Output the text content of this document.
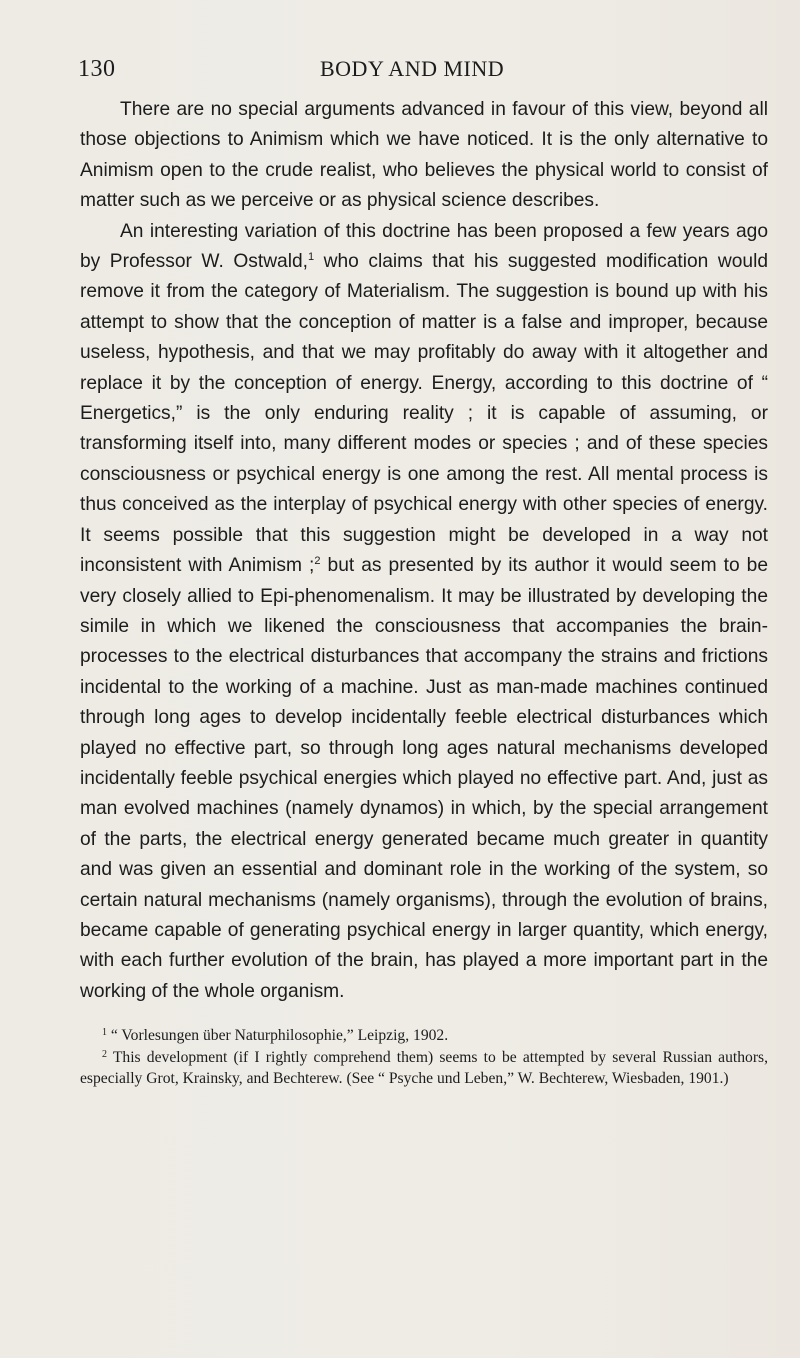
130	BODY AND MIND

There are no special arguments advanced in favour of this view, beyond all those objections to Animism which we have noticed. It is the only alternative to Animism open to the crude realist, who believes the physical world to consist of matter such as we perceive or as physical science describes.

An interesting variation of this doctrine has been proposed a few years ago by Professor W. Ostwald,$^1$ who claims that his suggested modification would remove it from the category of Materialism. The suggestion is bound up with his attempt to show that the conception of matter is a false and improper, because useless, hypothesis, and that we may profitably do away with it altogether and replace it by the conception of energy. Energy, according to this doctrine of “ Energetics,” is the only enduring reality ; it is capable of assuming, or transforming itself into, many different modes or species ; and of these species consciousness or psychical energy is one among the rest. All mental process is thus conceived as the interplay of psychical energy with other species of energy. It seems possible that this suggestion might be developed in a way not inconsistent with Animism ;$^2$ but as presented by its author it would seem to be very closely allied to Epi-phenomenalism. It may be illustrated by developing the simile in which we likened the consciousness that accompanies the brain-processes to the electrical disturbances that accompany the strains and frictions incidental to the working of a machine. Just as man-made machines continued through long ages to develop incidentally feeble electrical disturbances which played no effective part, so through long ages natural mechanisms developed incidentally feeble psychical energies which played no effective part. And, just as man evolved machines (namely dynamos) in which, by the special arrangement of the parts, the electrical energy generated became much greater in quantity and was given an essential and dominant role in the working of the system, so certain natural mechanisms (namely organisms), through the evolution of brains, became capable of generating psychical energy in larger quantity, which energy, with each further evolution of the brain, has played a more important part in the working of the whole organism.

$^1$ “ Vorlesungen über Naturphilosophie,” Leipzig, 1902.

$^2$ This development (if I rightly comprehend them) seems to be attempted by several Russian authors, especially Grot, Krainsky, and Bechterew. (See “ Psyche und Leben,” W. Bechterew, Wiesbaden, 1901.)
